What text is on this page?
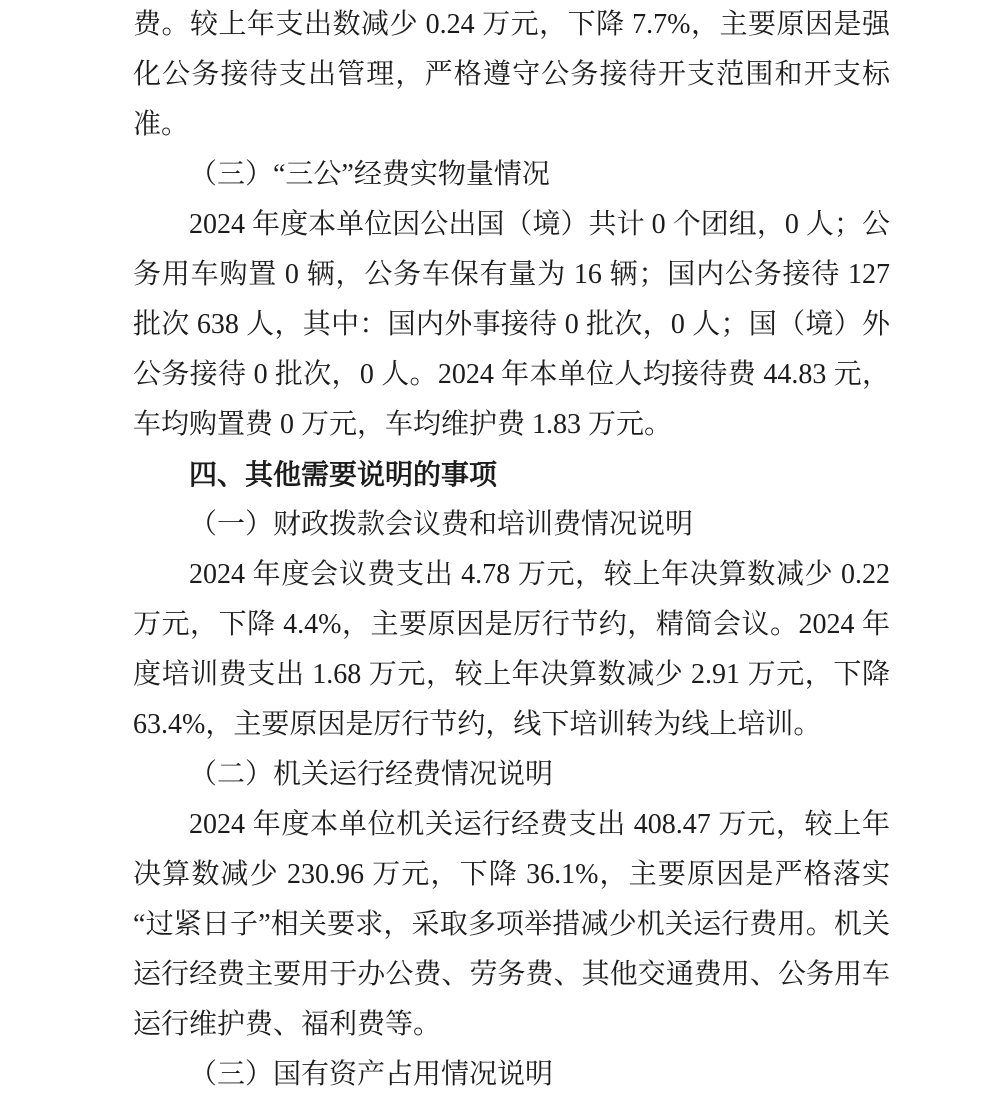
费。较上年支出数减少 0.24 万元，下降 7.7%，主要原因是强化公务接待支出管理，严格遵守公务接待开支范围和开支标准。

（三）“三公”经费实物量情况

2024 年度本单位因公出国（境）共计 0 个团组，0 人；公务用车购置 0 辆，公务车保有量为 16 辆；国内公务接待 127 批次 638 人，其中：国内外事接待 0 批次，0 人；国（境）外公务接待 0 批次，0 人。2024 年本单位人均接待费 44.83 元，车均购置费 0 万元，车均维护费 1.83 万元。

四、其他需要说明的事项

（一）财政拨款会议费和培训费情况说明

2024 年度会议费支出 4.78 万元，较上年决算数减少 0.22 万元，下降 4.4%，主要原因是厉行节约，精简会议。2024 年度培训费支出 1.68 万元，较上年决算数减少 2.91 万元，下降 63.4%，主要原因是厉行节约，线下培训转为线上培训。

（二）机关运行经费情况说明

2024 年度本单位机关运行经费支出 408.47 万元，较上年决算数减少 230.96 万元，下降 36.1%，主要原因是严格落实“过紧日子”相关要求，采取多项举措减少机关运行费用。机关运行经费主要用于办公费、劳务费、其他交通费用、公务用车运行维护费、福利费等。

（三）国有资产占用情况说明
